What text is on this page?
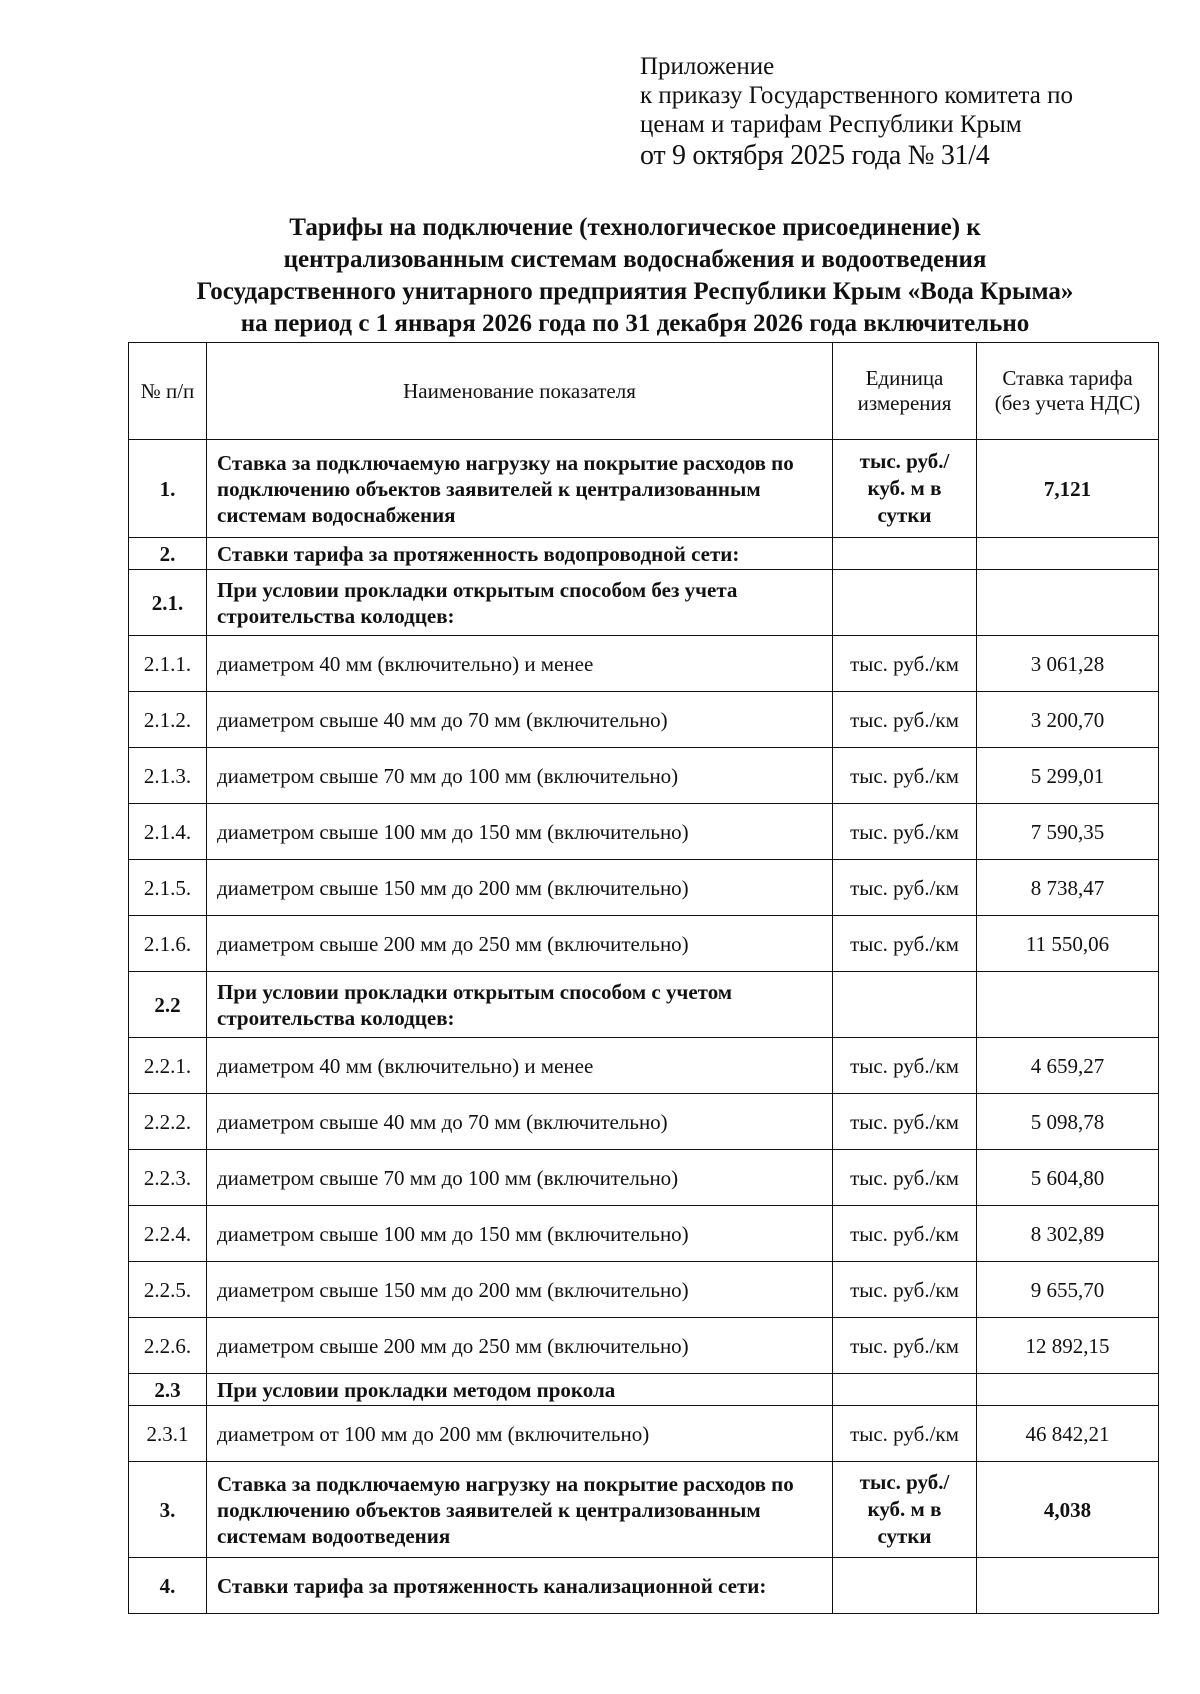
Приложение
к приказу Государственного комитета по
ценам и тарифам Республики Крым
от 9 октября 2025 года № 31/4
Тарифы на подключение (технологическое присоединение) к
централизованным системам водоснабжения и водоотведения
Государственного унитарного предприятия Республики Крым «Вода Крыма»
на период с 1 января 2026 года по 31 декабря 2026 года включительно
№ п/п	Наименование показателя	Единица измерения	Ставка тарифа (без учета НДС)
1.	Ставка за подключаемую нагрузку на покрытие расходов по подключению объектов заявителей к централизованным системам водоснабжения	тыс. руб./ куб. м в сутки	7,121
2.	Ставки тарифа за протяженность водопроводной сети:		
2.1.	При условии прокладки открытым способом без учета строительства колодцев:		
2.1.1.	диаметром 40 мм (включительно) и менее	тыс. руб./км	3 061,28
2.1.2.	диаметром свыше 40 мм до 70 мм (включительно)	тыс. руб./км	3 200,70
2.1.3.	диаметром свыше 70 мм до 100 мм (включительно)	тыс. руб./км	5 299,01
2.1.4.	диаметром свыше 100 мм до 150 мм (включительно)	тыс. руб./км	7 590,35
2.1.5.	диаметром свыше 150 мм до 200 мм (включительно)	тыс. руб./км	8 738,47
2.1.6.	диаметром свыше 200 мм до 250 мм (включительно)	тыс. руб./км	11 550,06
2.2	При условии прокладки открытым способом с учетом строительства колодцев:		
2.2.1.	диаметром 40 мм (включительно) и менее	тыс. руб./км	4 659,27
2.2.2.	диаметром свыше 40 мм до 70 мм (включительно)	тыс. руб./км	5 098,78
2.2.3.	диаметром свыше 70 мм до 100 мм (включительно)	тыс. руб./км	5 604,80
2.2.4.	диаметром свыше 100 мм до 150 мм (включительно)	тыс. руб./км	8 302,89
2.2.5.	диаметром свыше 150 мм до 200 мм (включительно)	тыс. руб./км	9 655,70
2.2.6.	диаметром свыше 200 мм до 250 мм (включительно)	тыс. руб./км	12 892,15
2.3	При условии прокладки методом прокола		
2.3.1	диаметром от 100 мм до 200 мм (включительно)	тыс. руб./км	46 842,21
3.	Ставка за подключаемую нагрузку на покрытие расходов по подключению объектов заявителей к централизованным системам водоотведения	тыс. руб./ куб. м в сутки	4,038
4.	Ставки тарифа за протяженность канализационной сети:		
